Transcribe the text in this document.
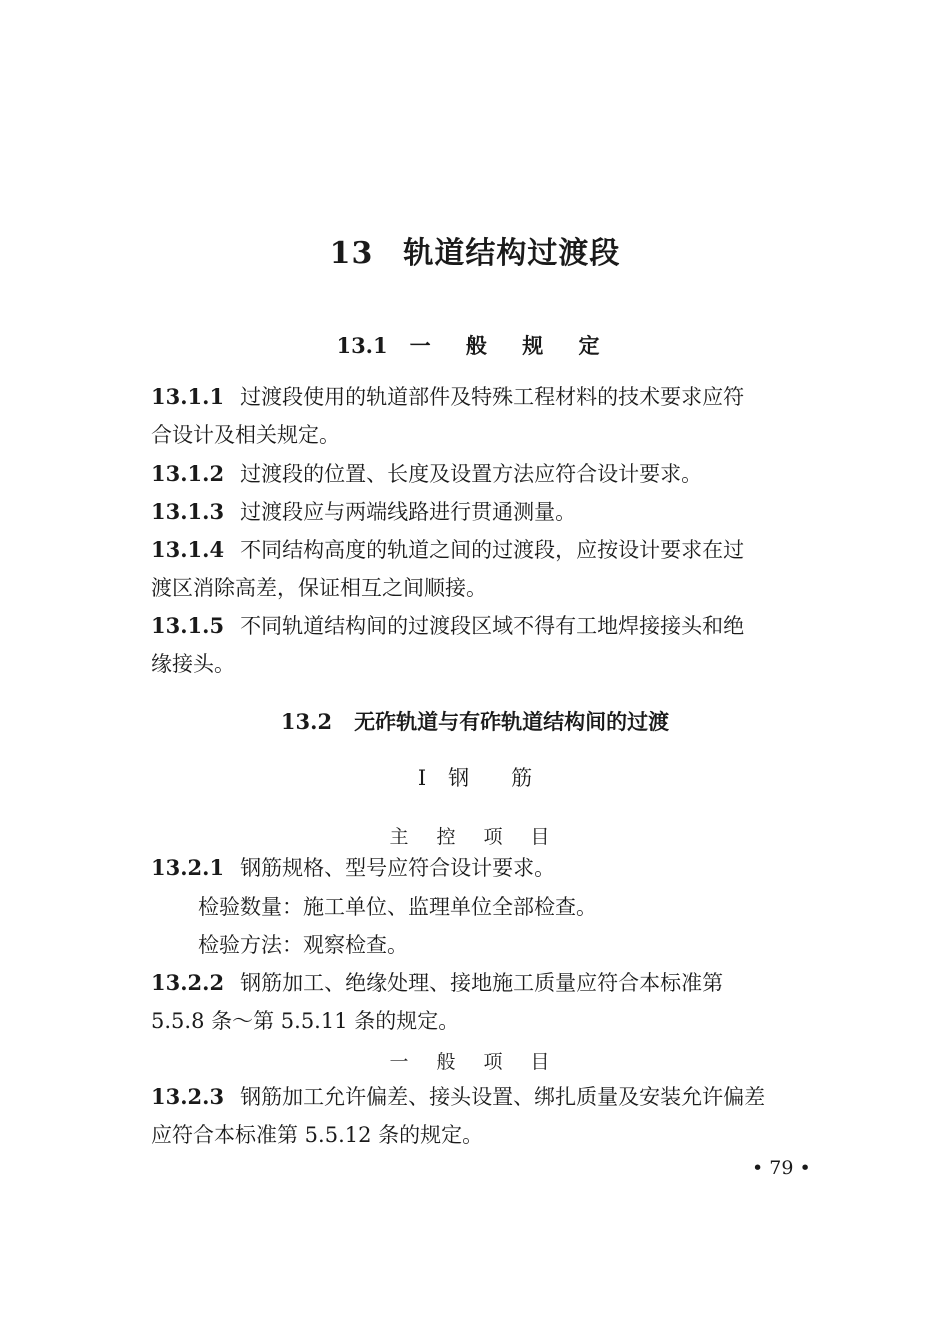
13 轨道结构过渡段
13.1 一 般 规 定
13.1.1 过渡段使用的轨道部件及特殊工程材料的技术要求应符
合设计及相关规定。
13.1.2 过渡段的位置、长度及设置方法应符合设计要求。
13.1.3 过渡段应与两端线路进行贯通测量。
13.1.4 不同结构高度的轨道之间的过渡段，应按设计要求在过
渡区消除高差，保证相互之间顺接。
13.1.5 不同轨道结构间的过渡段区域不得有工地焊接接头和绝
缘接头。
13.2 无砟轨道与有砟轨道结构间的过渡
Ⅰ 钢　　筋
主 控 项 目
13.2.1 钢筋规格、型号应符合设计要求。
检验数量：施工单位、监理单位全部检查。
检验方法：观察检查。
13.2.2 钢筋加工、绝缘处理、接地施工质量应符合本标准第
5.5.8 条～第 5.5.11 条的规定。
一 般 项 目
13.2.3 钢筋加工允许偏差、接头设置、绑扎质量及安装允许偏差
应符合本标准第 5.5.12 条的规定。
• 79 •
